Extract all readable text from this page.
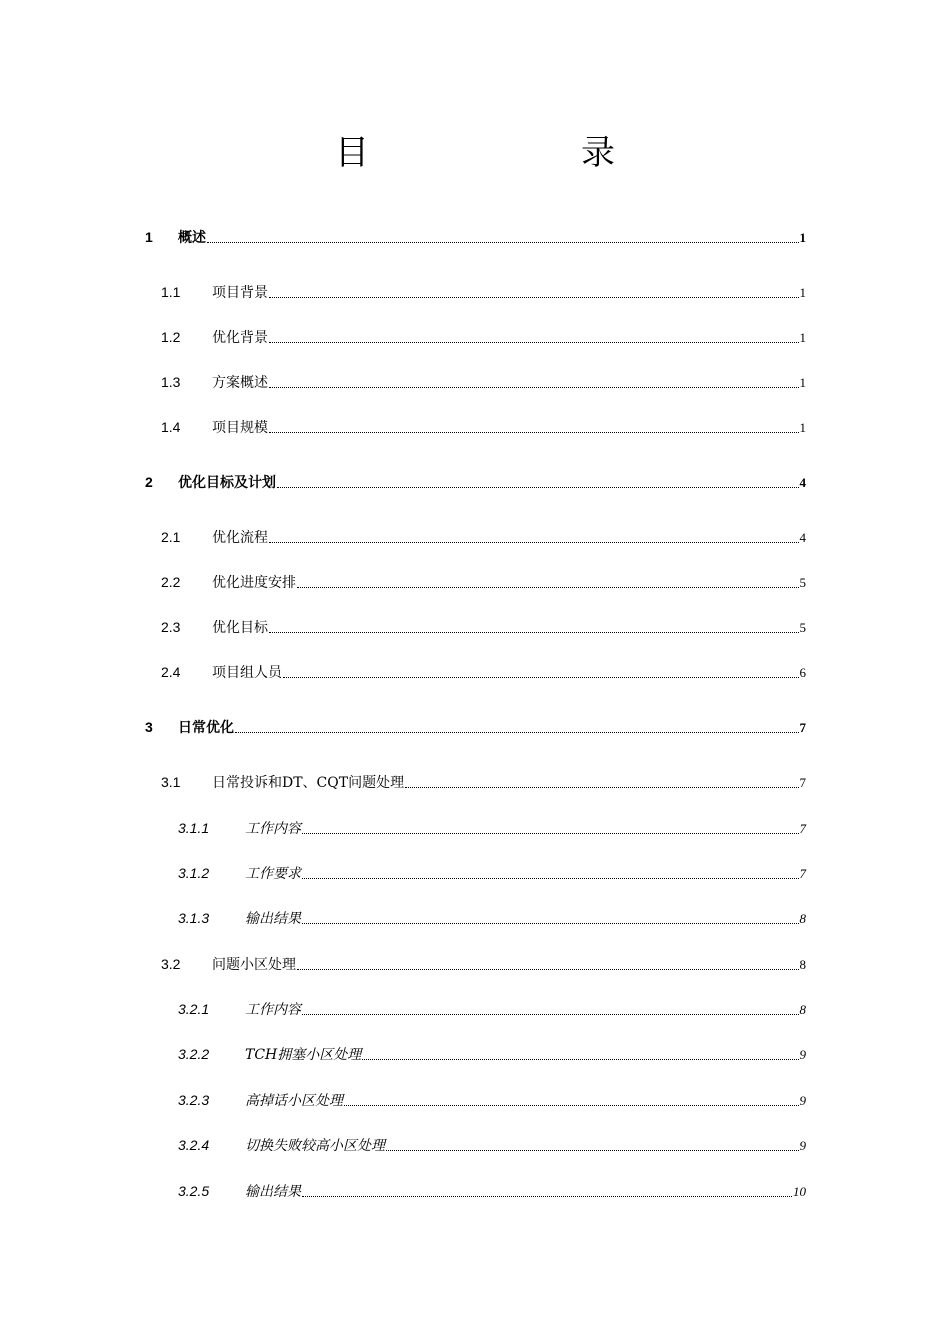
目　　录
1	概述	1
1.1	项目背景	1
1.2	优化背景	1
1.3	方案概述	1
1.4	项目规模	1
2	优化目标及计划	4
2.1	优化流程	4
2.2	优化进度安排	5
2.3	优化目标	5
2.4	项目组人员	6
3	日常优化	7
3.1	日常投诉和DT、CQT问题处理	7
3.1.1	工作内容	7
3.1.2	工作要求	7
3.1.3	输出结果	8
3.2	问题小区处理	8
3.2.1	工作内容	8
3.2.2	TCH拥塞小区处理	9
3.2.3	高掉话小区处理	9
3.2.4	切换失败较高小区处理	9
3.2.5	输出结果	10
